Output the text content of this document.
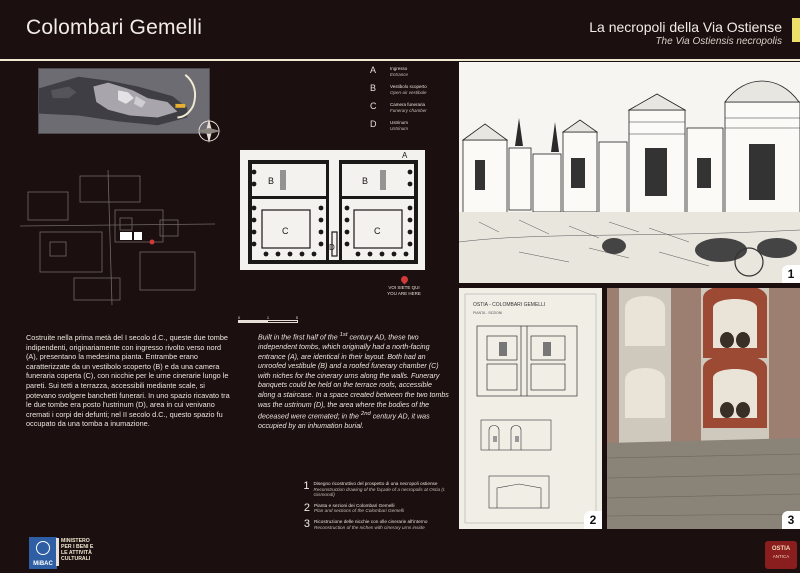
Colombari Gemelli	La necropoli della Via Ostiense
The Via Ostiensis necropolis
A	Ingresso
Entrance
B	Vestibolo scoperto
Open-air vestibule
C	Camera funeraria
Funerary chamber
D	Ustrinum
Ustrinum
B	B
C	C
A
D
VOI SIETE QUI
YOU ARE HERE
0	1	5
Costruite nella prima metà del I secolo d.C., queste due tombe indipendenti, originariamente con ingresso rivolto verso nord (A), presentano la medesima pianta. Entrambe erano caratterizzate da un vestibolo scoperto (B) e da una camera funeraria coperta (C), con nicchie per le urne cinerarie lungo le pareti. Sui tetti a terrazza, accessibili mediante scale, si potevano svolgere banchetti funerari. In uno spazio ricavato tra le due tombe era posto l'ustrinum (D), area in cui venivano cremati i corpi dei defunti; nel II secolo d.C., questo spazio fu occupato da una tomba a inumazione.
Built in the first half of the $^{1st}$ century AD, these two independent tombs, which originally had a north-facing entrance (A), are identical in their layout. Both had an unroofed vestibule (B) and a roofed funerary chamber (C) with niches for the cinerary urns along the walls. Funerary banquets could be held on the terrace roofs, accessible along a staircase. In a space created between the two tombs was the ustrinum (D), the area where the bodies of the deceased were cremated; in the $^{2nd}$ century AD, it was occupied by an inhumation burial.
1 Disegno ricostruttivo del prospetto di una necropoli ostiense
Reconstruction drawing of the façade of a necropolis at Ostia (I. Gismondi)
2 Pianta e sezioni dei Colombari Gemelli
Plan and sections of the Colombari Gemelli
3 Ricostruzione delle nicchie con olle cinerarie all'interno
Reconstruction of the niches with cinerary urns inside
MiBAC
MINISTERO
PER I BENI E
LE ATTIVITÀ
CULTURALI
OSTIA
ANTICA
1
OSTIA - COLOMBARI GEMELLI
PIANTA - SEZIONI
2	3
